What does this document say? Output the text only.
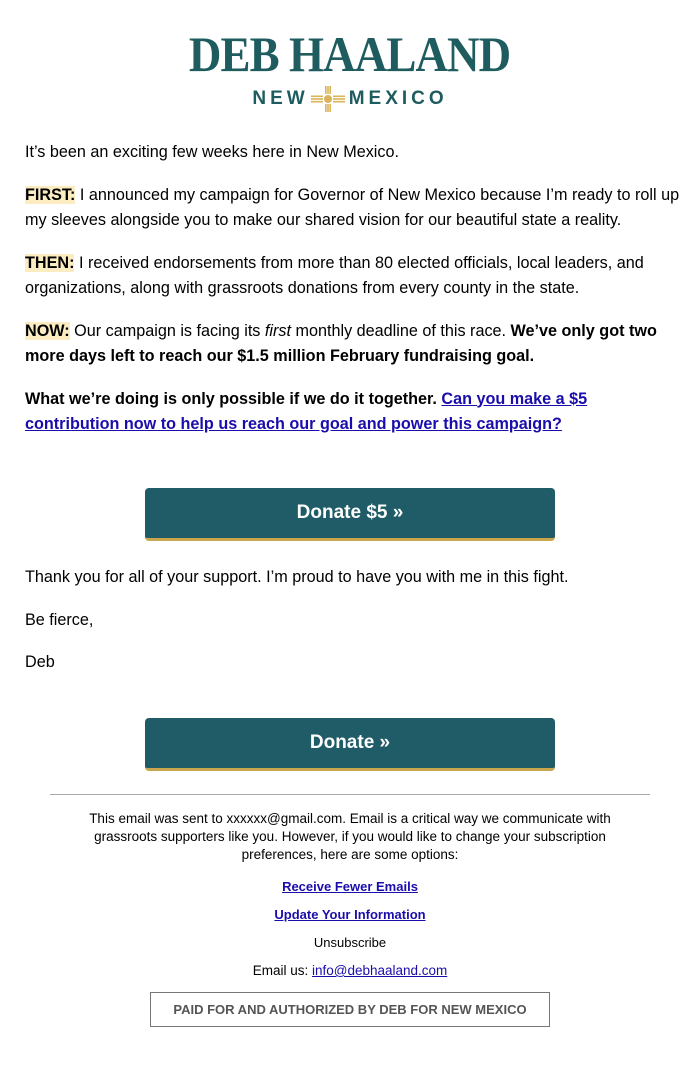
DEB HAALAND
NEW MEXICO

It’s been an exciting few weeks here in New Mexico.

FIRST: I announced my campaign for Governor of New Mexico because I’m ready to roll up my sleeves alongside you to make our shared vision for our beautiful state a reality.

THEN: I received endorsements from more than 80 elected officials, local leaders, and organizations, along with grassroots donations from every county in the state.

NOW: Our campaign is facing its first monthly deadline of this race. We’ve only got two more days left to reach our $1.5 million February fundraising goal.

What we’re doing is only possible if we do it together. Can you make a $5 contribution now to help us reach our goal and power this campaign?

Donate $5 »

Thank you for all of your support. I’m proud to have you with me in this fight.

Be fierce,

Deb

Donate »

This email was sent to xxxxxx@gmail.com. Email is a critical way we communicate with grassroots supporters like you. However, if you would like to change your subscription preferences, here are some options:

Receive Fewer Emails
Update Your Information

Unsubscribe

Email us: info@debhaaland.com

PAID FOR AND AUTHORIZED BY DEB FOR NEW MEXICO
